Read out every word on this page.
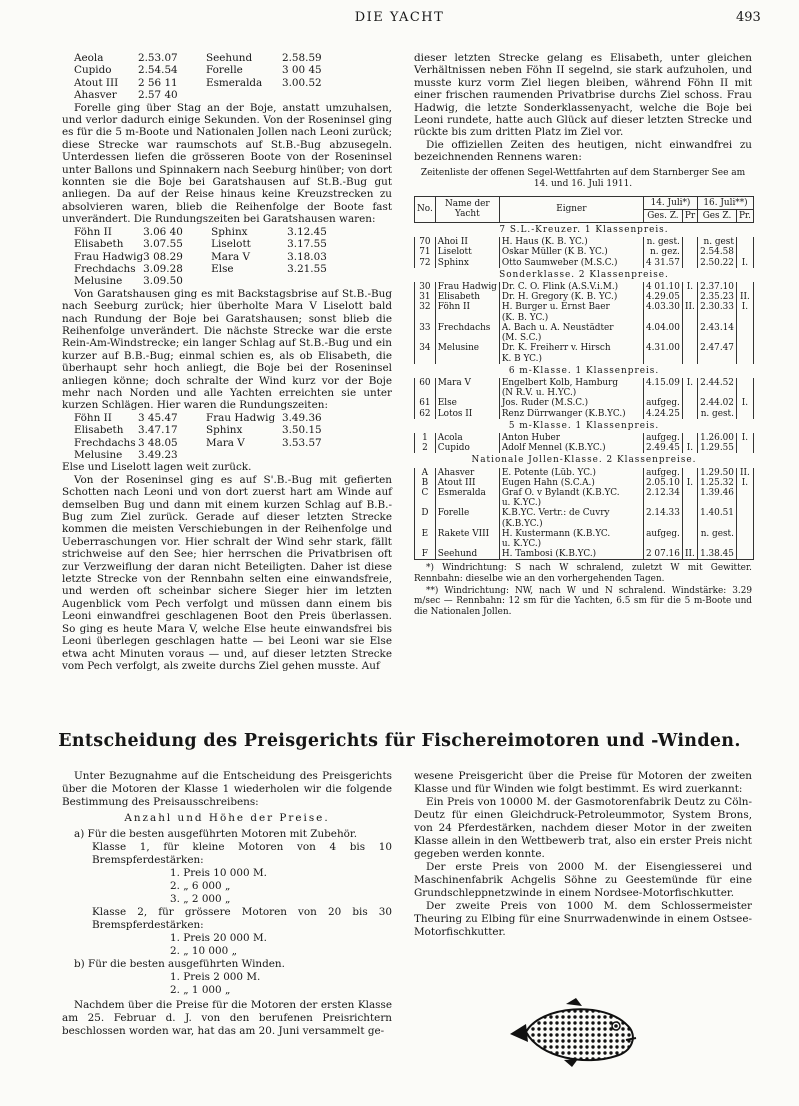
DIE YACHT	493
Aeola	2.53.07	Seehund	2.58.59
Cupido	2.54.54	Forelle	3 00 45
Atout III	2 56 11	Esmeralda	3.00.52
Ahasver	2.57 40		

Forelle ging über Stag an der Boje, anstatt umzuhalsen, und verlor dadurch einige Sekunden. Von der Roseninsel ging es für die 5 m-Boote und Nationalen Jollen nach Leoni zurück; diese Strecke war raumschots auf St.B.-Bug abzusegeln. Unterdessen liefen die grösseren Boote von der Roseninsel unter Ballons und Spinnakern nach Seeburg hinüber; von dort konnten sie die Boje bei Garatshausen auf St.B.-Bug gut anliegen. Da auf der Reise hinaus keine Kreuzstrecken zu absolvieren waren, blieb die Reihenfolge der Boote fast unverändert. Die Rundungszeiten bei Garatshausen waren:

Föhn II	3.06 40	Sphinx	3.12.45
Elisabeth	3.07.55	Liselott	3.17.55
Frau Hadwig	3 08.29	Mara V	3.18.03
Frechdachs	3.09.28	Else	3.21.55
Melusine	3.09.50		

Von Garatshausen ging es mit Backstagsbrise auf St.B.-Bug nach Seeburg zurück; hier überholte Mara V Liselott bald nach Rundung der Boje bei Garatshausen; sonst blieb die Reihenfolge unverändert. Die nächste Strecke war die erste Rein-Am-Windstrecke; ein langer Schlag auf St.B.-Bug und ein kurzer auf B.B.-Bug; einmal schien es, als ob Elisabeth, die überhaupt sehr hoch anliegt, die Boje bei der Roseninsel anliegen könne; doch schralte der Wind kurz vor der Boje mehr nach Norden und alle Yachten erreichten sie unter kurzen Schlägen. Hier waren die Rundungszeiten:

Föhn II	3 45.47	Frau Hadwig	3.49.36
Elisabeth	3.47.17	Sphinx	3.50.15
Frechdachs	3 48.05	Mara V	3.53.57
Melusine	3.49.23		

Else und Liselott lagen weit zurück.

Von der Roseninsel ging es auf S'.B.-Bug mit gefierten Schotten nach Leoni und von dort zuerst hart am Winde auf demselben Bug und dann mit einem kurzen Schlag auf B.B.-Bug zum Ziel zurück. Gerade auf dieser letzten Strecke kommen die meisten Verschiebungen in der Reihenfolge und Ueberraschungen vor. Hier schralt der Wind sehr stark, fällt strichweise auf den See; hier herrschen die Privatbrisen oft zur Verzweiflung der daran nicht Beteiligten. Daher ist diese letzte Strecke von der Rennbahn selten eine einwandsfreie, und werden oft scheinbar sichere Sieger hier im letzten Augenblick vom Pech verfolgt und müssen dann einem bis Leoni einwandfrei geschlagenen Boot den Preis überlassen. So ging es heute Mara V, welche Else heute einwandsfrei bis Leoni überlegen geschlagen hatte — bei Leoni war sie Else etwa acht Minuten voraus — und, auf dieser letzten Strecke vom Pech verfolgt, als zweite durchs Ziel gehen musste. Auf

dieser letzten Strecke gelang es Elisabeth, unter gleichen Verhältnissen neben Föhn II segelnd, sie stark aufzuholen, und musste kurz vorm Ziel liegen bleiben, während Föhn II mit einer frischen raumenden Privatbrise durchs Ziel schoss. Frau Hadwig, die letzte Sonderklassenyacht, welche die Boje bei Leoni rundete, hatte auch Glück auf dieser letzten Strecke und rückte bis zum dritten Platz im Ziel vor.

Die offiziellen Zeiten des heutigen, nicht einwandfrei zu bezeichnenden Rennens waren:

Zeitenliste der offenen Segel-Wettfahrten auf dem Starnberger See am 14. und 16. Juli 1911.
No.	Name der Yacht	Eigner	14. Juli*)		16. Juli**)		
			Ges. Z.	Pr	Ges Z.	Pr.	
7 S.L.-Kreuzer. 1 Klassenpreis.							
70	Ahoi II	H. Haus (K. B. YC.)	n. gest.		n. gest		
71	Liselott	Oskar Müller (K B. YC.)	n. gez.		2.54.58		
72	Sphinx	Otto Saumweber (M.S.C.)	4 31.57		2.50.22	I.	
Sonderklasse. 2 Klassenpreise.							
30	Frau Hadwig	Dr. C. O. Flink (A.S.V.i.M.)	4 01.10	I.	2.37.10		
31	Elisabeth	Dr. H. Gregory (K. B. YC.)	4.29.05		2.35.23	II.	
32	Föhn II	H. Burger u. Ernst Baer	4.03.30	II.	2.30.33	I.	
		(K. B. YC.)					
33	Frechdachs	A. Bach u. A. Neustädter	4.04.00		2.43.14		
		(M. S.C.)					
34	Melusine	Dr. K. Freiherr v. Hirsch	4.31.00		2.47.47		
		K. B YC.)					
6 m-Klasse. 1 Klassenpreis.							
60	Mara V	Engelbert Kolb, Hamburg	4.15.09	I.	2.44.52		
		(N R.V. u. H.YC.)					
61	Else	Jos. Ruder (M.S.C.)	aufgeg.		2.44.02	I.	
62	Lotos II	Renz Dürrwanger (K.B.YC.)	4.24.25		n. gest.		
5 m-Klasse. 1 Klassenpreis.							
1	Acola	Anton Huber	aufgeg.		1.26.00	I.	
2	Cupido	Adolf Mennel (K.B.YC.)	2.49.45	I.	1.29.55		
Nationale Jollen-Klasse. 2 Klassenpreise.							
A	Ahasver	E. Potente (Lüb. YC.)	aufgeg.		1.29.50	II.	
B	Atout III	Eugen Hahn (S.C.A.)	2.05.10	I.	1.25.32	I.	
C	Esmeralda	Graf O. v Bylandt (K.B.YC.	2.12.34		1.39.46		
		u. K.YC.)					
D	Forelle	K.B.YC. Vertr.: de Cuvry	2.14.33		1.40.51		
		(K.B.YC.)					
E	Rakete VIII	H. Kustermann (K.B.YC.	aufgeg.		n. gest.		
		u. K.YC.)					
F	Seehund	H. Tambosi (K.B.YC.)	2 07.16	II.	1.38.45		

*) Windrichtung: S nach W schralend, zuletzt W mit Gewitter. Rennbahn: dieselbe wie an den vorhergehenden Tagen.

**) Windrichtung: NW, nach W und N schralend. Windstärke: 3.29 m/sec — Rennbahn: 12 sm für die Yachten, 6.5 sm für die 5 m-Boote und die Nationalen Jollen.

Entscheidung des Preisgerichts für Fischereimotoren und -Winden.

Unter Bezugnahme auf die Entscheidung des Preisgerichts über die Motoren der Klasse 1 wiederholen wir die folgende Bestimmung des Preisausschreibens:

Anzahl und Höhe der Preise.

a) Für die besten ausgeführten Motoren mit Zubehör.

Klasse 1, für kleine Motoren von 4 bis 10 Bremspferdestärken:

1. Preis 10 000 M.
2. „ 6 000 „
3. „ 2 000 „

Klasse 2, für grössere Motoren von 20 bis 30 Bremspferdestärken:

1. Preis 20 000 M.
2. „ 10 000 „

b) Für die besten ausgeführten Winden.

1. Preis 2 000 M.
2. „ 1 000 „

Nachdem über die Preise für die Motoren der ersten Klasse am 25. Februar d. J. von den berufenen Preisrichtern beschlossen worden war, hat das am 20. Juni versammelt ge-

wesene Preisgericht über die Preise für Motoren der zweiten Klasse und für Winden wie folgt bestimmt. Es wird zuerkannt:

Ein Preis von 10000 M. der Gasmotorenfabrik Deutz zu Cöln-Deutz für einen Gleichdruck-Petroleummotor, System Brons, von 24 Pferdestärken, nachdem dieser Motor in der zweiten Klasse allein in den Wettbewerb trat, also ein erster Preis nicht gegeben werden konnte.

Der erste Preis von 2000 M. der Eisengiesserei und Maschinenfabrik Achgelis Söhne zu Geestemünde für eine Grundschleppnetzwinde in einem Nordsee-Motorfischkutter.

Der zweite Preis von 1000 M. dem Schlossermeister Theuring zu Elbing für eine Snurrwadenwinde in einem Ostsee-Motorfischkutter.
